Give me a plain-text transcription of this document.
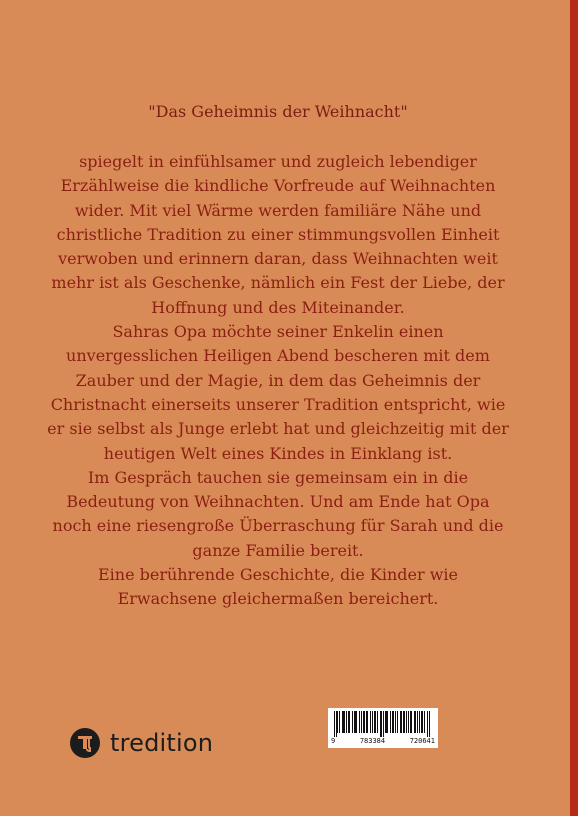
"Das Geheimnis der Weihnacht"
spiegelt in einfühlsamer und zugleich lebendiger
Erzählweise die kindliche Vorfreude auf Weihnachten
wider. Mit viel Wärme werden familiäre Nähe und
christliche Tradition zu einer stimmungsvollen Einheit
verwoben und erinnern daran, dass Weihnachten weit
mehr ist als Geschenke, nämlich ein Fest der Liebe, der
Hoffnung und des Miteinander.
Sahras Opa möchte seiner Enkelin einen
unvergesslichen Heiligen Abend bescheren mit dem
Zauber und der Magie, in dem das Geheimnis der
Christnacht einerseits unserer Tradition entspricht, wie
er sie selbst als Junge erlebt hat und gleichzeitig mit der
heutigen Welt eines Kindes in Einklang ist.
Im Gespräch tauchen sie gemeinsam ein in die
Bedeutung von Weihnachten. Und am Ende hat Opa
noch eine riesengroße Überraschung für Sarah und die
ganze Familie bereit.
Eine berührende Geschichte, die Kinder wie
Erwachsene gleichermaßen bereichert.
tredition	9	783384	720641
